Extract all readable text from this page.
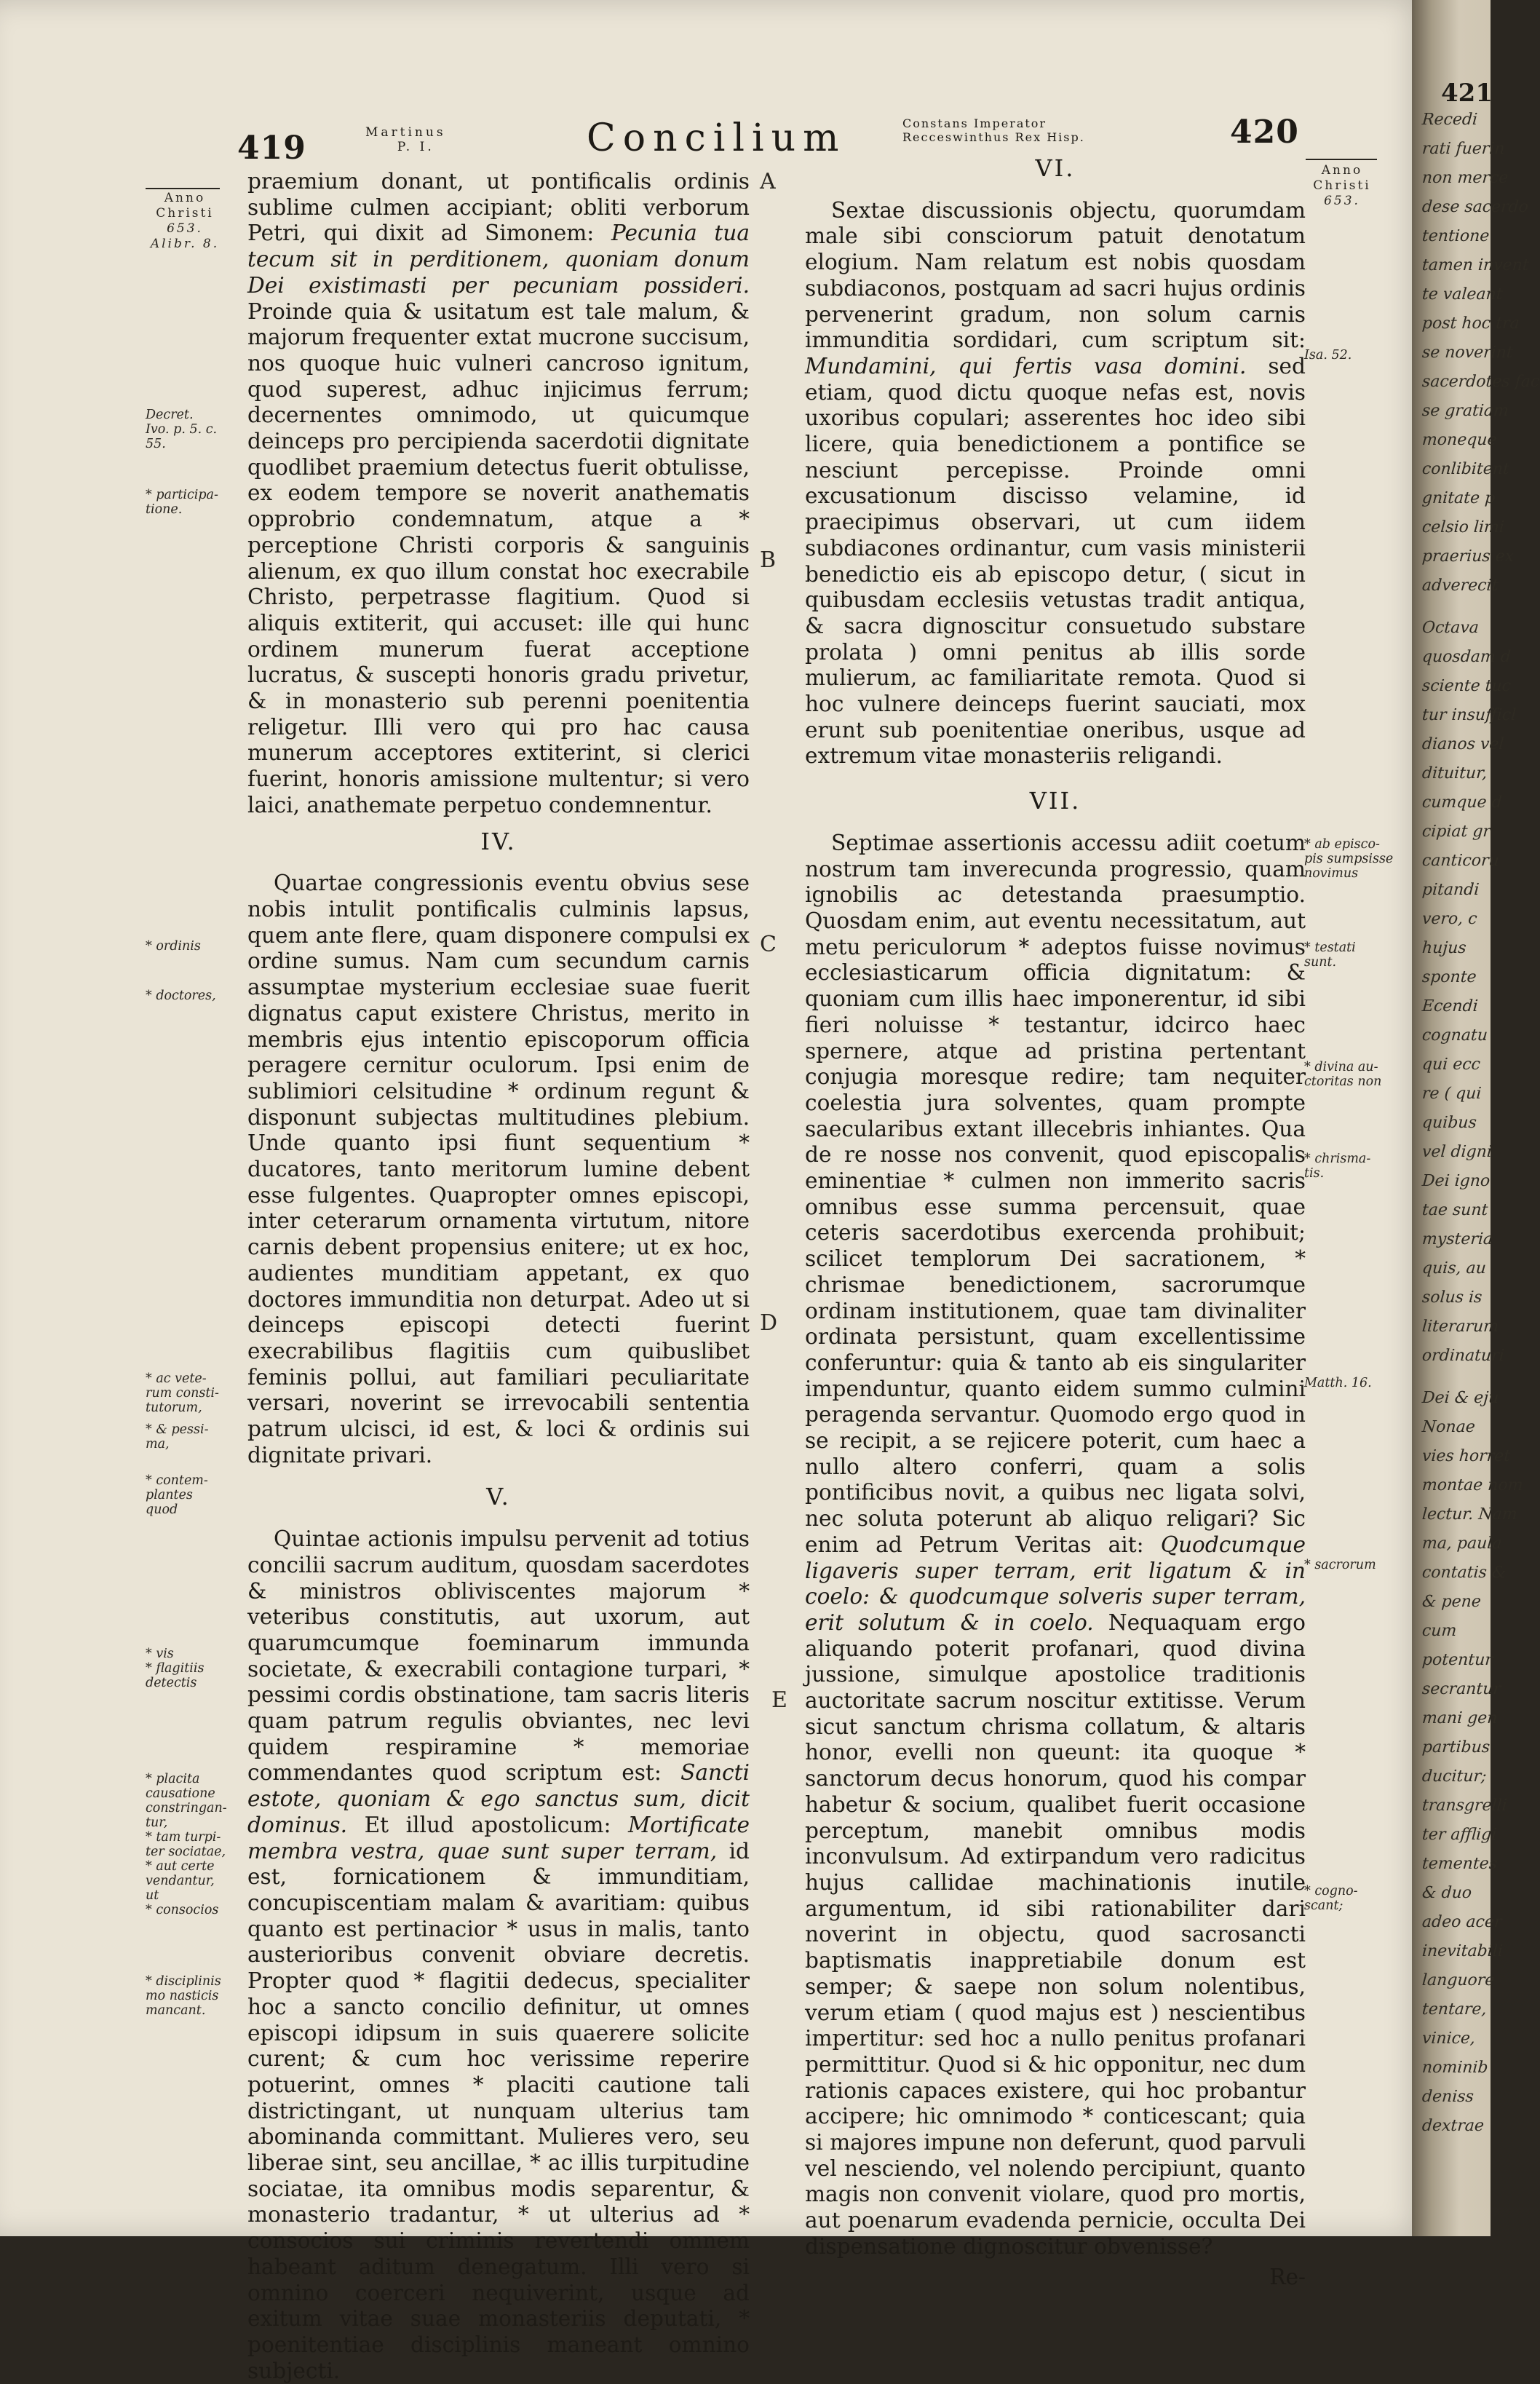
419	Martinus
P. I.	Concilium	Constans Imperator
Recceswinthus Rex Hisp.	420
Anno
Christi
653.
Alibr. 8.
Decret.
Ivo. p. 5. c.
55.
* participa-
tione.
* ordinis
* doctores,
* ac vete-
rum consti-
tutorum,
* & pessi-
ma,
* contem-
plantes
quod
* vis
* flagitiis
detectis
* placita
causatione
constringan-
tur,
* tam turpi-
ter sociatae,
* aut certe
vendantur,
ut
* consocios
* disciplinis
mo nasticis
mancant.

praemium donant, ut pontificalis ordinis sublime culmen accipiant; obliti verborum Petri, qui dixit ad Simonem: Pecunia tua tecum sit in perditionem, quoniam donum Dei existimasti per pecuniam possideri. Proinde quia & usitatum est tale malum, & majorum frequenter extat mucrone succisum, nos quoque huic vulneri cancroso ignitum, quod superest, adhuc injicimus ferrum; decernentes omnimodo, ut quicumque deinceps pro percipienda sacerdotii dignitate quodlibet praemium detectus fuerit obtulisse, ex eodem tempore se noverit anathematis opprobrio condemnatum, atque a * perceptione Christi corporis & sanguinis alienum, ex quo illum constat hoc execrabile Christo, perpetrasse flagitium. Quod si aliquis extiterit, qui accuset: ille qui hunc ordinem munerum fuerat acceptione lucratus, & suscepti honoris gradu privetur, & in monasterio sub perenni poenitentia religetur. Illi vero qui pro hac causa munerum acceptores extiterint, si clerici fuerint, honoris amissione multentur; si vero laici, anathemate perpetuo condemnentur.

IV.

Quartae congressionis eventu obvius sese nobis intulit pontificalis culminis lapsus, quem ante flere, quam disponere compulsi ex ordine sumus. Nam cum secundum carnis assumptae mysterium ecclesiae suae fuerit dignatus caput existere Christus, merito in membris ejus intentio episcoporum officia peragere cernitur oculorum. Ipsi enim de sublimiori celsitudine * ordinum regunt & disponunt subjectas multitudines plebium. Unde quanto ipsi fiunt sequentium * ducatores, tanto meritorum lumine debent esse fulgentes. Quapropter omnes episcopi, inter ceterarum ornamenta virtutum, nitore carnis debent propensius enitere; ut ex hoc, audientes munditiam appetant, ex quo doctores immunditia non deturpat. Adeo ut si deinceps episcopi detecti fuerint execrabilibus flagitiis cum quibuslibet feminis pollui, aut familiari peculiaritate versari, noverint se irrevocabili sententia patrum ulcisci, id est, & loci & ordinis sui dignitate privari.

V.

Quintae actionis impulsu pervenit ad totius concilii sacrum auditum, quosdam sacerdotes & ministros obliviscentes majorum * veteribus constitutis, aut uxorum, aut quarumcumque foeminarum immunda societate, & execrabili contagione turpari, * pessimi cordis obstinatione, tam sacris literis quam patrum regulis obviantes, nec levi quidem respiramine * memoriae commendantes quod scriptum est: Sancti estote, quoniam & ego sanctus sum, dicit dominus. Et illud apostolicum: Mortificate membra vestra, quae sunt super terram, id est, fornicationem & immunditiam, concupiscentiam malam & avaritiam: quibus quanto est pertinacior * usus in malis, tanto austerioribus convenit obviare decretis. Propter quod * flagitii dedecus, specialiter hoc a sancto concilio definitur, ut omnes episcopi idipsum in suis quaerere solicite curent; & cum hoc verissime reperire potuerint, omnes * placiti cautione tali districtingant, ut nunquam ulterius tam abominanda committant. Mulieres vero, seu liberae sint, seu ancillae, * ac illis turpitudine sociatae, ita omnibus modis separentur, & monasterio tradantur, * ut ulterius ad * consocios sui criminis revertendi omnem habeant aditum denegatum. Illi vero si omnino coerceri nequiverint, usque ad exitum vitae suae monasteriis deputati, * poenitentiae disciplinis maneant omnino subjecti.

A
B
C
D
E
VI.

Sextae discussionis objectu, quorumdam male sibi consciorum patuit denotatum elogium. Nam relatum est nobis quosdam subdiaconos, postquam ad sacri hujus ordinis pervenerint gradum, non solum carnis immunditia sordidari, cum scriptum sit: Mundamini, qui fertis vasa domini. sed etiam, quod dictu quoque nefas est, novis uxoribus copulari; asserentes hoc ideo sibi licere, quia benedictionem a pontifice se nesciunt percepisse. Proinde omni excusationum discisso velamine, id praecipimus observari, ut cum iidem subdiacones ordinantur, cum vasis ministerii benedictio eis ab episcopo detur, ( sicut in quibusdam ecclesiis vetustas tradit antiqua, & sacra dignoscitur consuetudo substare prolata ) omni penitus ab illis sorde mulierum, ac familiaritate remota. Quod si hoc vulnere deinceps fuerint sauciati, mox erunt sub poenitentiae oneribus, usque ad extremum vitae monasteriis religandi.

VII.

Septimae assertionis accessu adiit coetum nostrum tam inverecunda progressio, quam ignobilis ac detestanda praesumptio. Quosdam enim, aut eventu necessitatum, aut metu periculorum * adeptos fuisse novimus ecclesiasticarum officia dignitatum: & quoniam cum illis haec imponerentur, id sibi fieri noluisse * testantur, idcirco haec spernere, atque ad pristina pertentant conjugia moresque redire; tam nequiter coelestia jura solventes, quam prompte saecularibus extant illecebris inhiantes. Qua de re nosse nos convenit, quod episcopalis eminentiae * culmen non immerito sacris omnibus esse summa percensuit, quae ceteris sacerdotibus exercenda prohibuit; scilicet templorum Dei sacrationem, * chrismae benedictionem, sacrorumque ordinam institutionem, quae tam divinaliter ordinata persistunt, quam excellentissime conferuntur: quia & tanto ab eis singulariter impenduntur, quanto eidem summo culmini peragenda servantur. Quomodo ergo quod in se recipit, a se rejicere poterit, cum haec a nullo altero conferri, quam a solis pontificibus novit, a quibus nec ligata solvi, nec soluta poterunt ab aliquo religari? Sic enim ad Petrum Veritas ait: Quodcumque ligaveris super terram, erit ligatum & in coelo: & quodcumque solveris super terram, erit solutum & in coelo. Nequaquam ergo aliquando poterit profanari, quod divina jussione, simulque apostolice traditionis auctoritate sacrum noscitur extitisse. Verum sicut sanctum chrisma collatum, & altaris honor, evelli non queunt: ita quoque * sanctorum decus honorum, quod his compar habetur & socium, qualibet fuerit occasione perceptum, manebit omnibus modis inconvulsum. Ad extirpandum vero radicitus hujus callidae machinationis inutile argumentum, id sibi rationabiliter dari noverint in objectu, quod sacrosancti baptismatis inappretiabile donum est semper; & saepe non solum nolentibus, verum etiam ( quod majus est ) nescientibus impertitur: sed hoc a nullo penitus profanari permittitur. Quod si & hic opponitur, nec dum rationis capaces existere, qui hoc probantur accipere; hic omnimodo * conticescant; quia si majores impune non deferunt, quod parvuli vel nesciendo, vel nolendo percipiunt, quanto magis non convenit violare, quod pro mortis, aut poenarum evadenda pernicie, occulta Dei dispensatione dignoscitur obvenisse?

Re-
Anno
Christi
653.
Isa. 52.
* ab episco-
pis sumpsisse
novimus
* testati
sunt.
* divina au-
ctoritas non
* chrisma-
tis.
Matth. 16.
* sacrorum
* cogno-
scant;
421
Recedi
rati fuerin
non merce
dese sacerdo
tentione
tamen invent
te valeant
post hoc tra
se noverint
sacerdotes fac
se gratiam
moneque
conlibitent
gnitate p
celsio limi
praerius ex
adverecit
Octava
quosdam d
sciente tuc
tur insufficl
dianos vel
dituitur,
cumque d
cipiat gr
canticoru
pitandi
vero, c
hujus
sponte
Ecendi
cognatu
qui ecc
re ( qui
quibus
vel digni
Dei igno
tae sunt
mysteria
quis, au
solus is
literarum
ordinaturi
Dei & eju
Nonae
vies horret
montae nom
lectur. Nam
ma, paula
contatis &
& pene
cum
potentur
secrantur
mani gen
partibus
ducitur;
transgrelli
ter affligi
tementes
& duo
adeo acer
inevitabili
languore
tentare,
vinice,
nominib
deniss
dextrae
